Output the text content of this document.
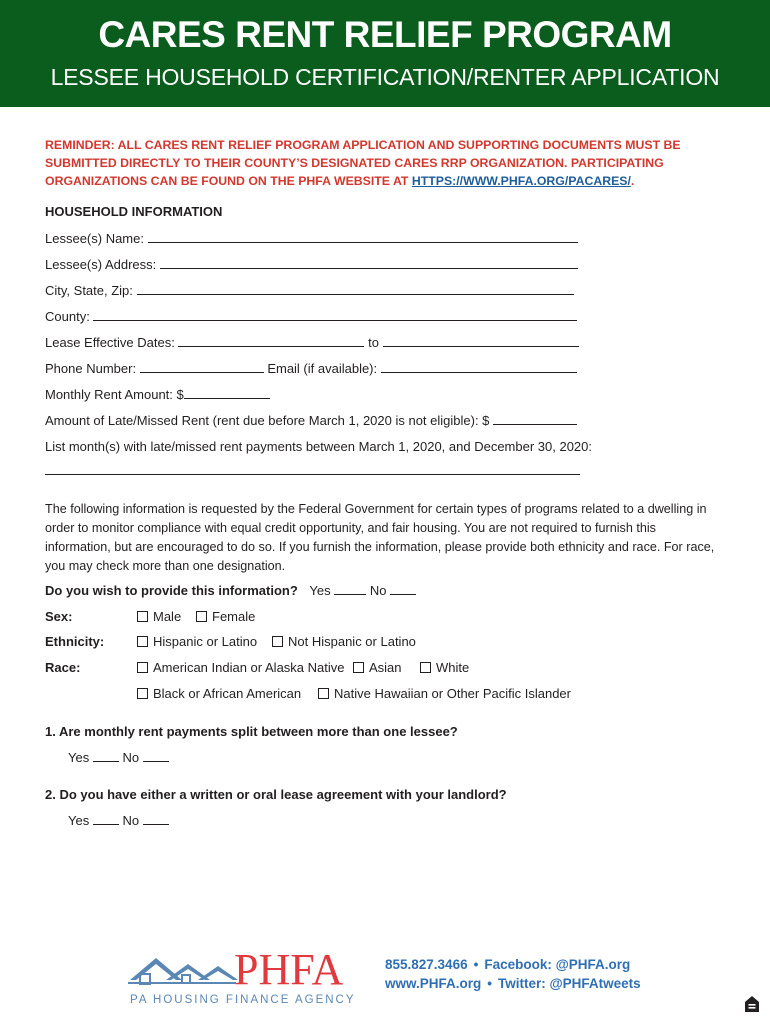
CARES RENT RELIEF PROGRAM
LESSEE HOUSEHOLD CERTIFICATION/RENTER APPLICATION
REMINDER: ALL CARES RENT RELIEF PROGRAM APPLICATION AND SUPPORTING DOCUMENTS MUST BE SUBMITTED DIRECTLY TO THEIR COUNTY’S DESIGNATED CARES RRP ORGANIZATION. PARTICIPATING ORGANIZATIONS CAN BE FOUND ON THE PHFA WEBSITE AT HTTPS://WWW.PHFA.ORG/PACARES/.
HOUSEHOLD INFORMATION
Lessee(s) Name:
Lessee(s) Address:
City, State, Zip:
County:
Lease Effective Dates:	to
Phone Number:	Email (if available):
Monthly Rent Amount: $
Amount of Late/Missed Rent (rent due before March 1, 2020 is not eligible): $
List month(s) with late/missed rent payments between March 1, 2020, and December 30, 2020:
The following information is requested by the Federal Government for certain types of programs related to a dwelling in order to monitor compliance with equal credit opportunity, and fair housing. You are not required to furnish this information, but are encouraged to do so. If you furnish the information, please provide both ethnicity and race. For race, you may check more than one designation.
Do you wish to provide this information? Yes	No
Sex:	Male	Female
Ethnicity:	Hispanic or Latino	Not Hispanic or Latino
Race:	American Indian or Alaska Native	Asian	White
Black or African American	Native Hawaiian or Other Pacific Islander
1. Are monthly rent payments split between more than one lessee?
Yes	No
2. Do you have either a written or oral lease agreement with your landlord?
Yes	No
PHFA
PA HOUSING FINANCE AGENCY
855.827.3466 • Facebook: @PHFA.org
www.PHFA.org • Twitter: @PHFAtweets
